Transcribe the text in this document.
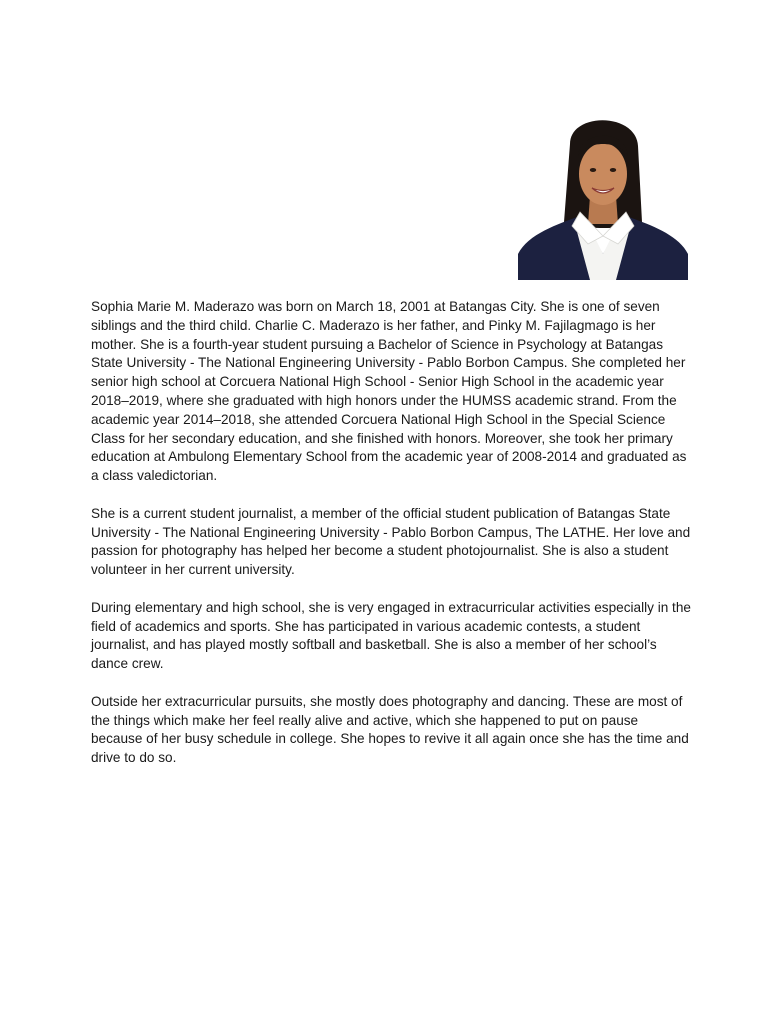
Sophia Marie M. Maderazo was born on March 18, 2001 at Batangas City. She is one of seven siblings and the third child. Charlie C. Maderazo is her father, and Pinky M. Fajilagmago is her mother. She is a fourth-year student pursuing a Bachelor of Science in Psychology at Batangas State University - The National Engineering University - Pablo Borbon Campus. She completed her senior high school at Corcuera National High School - Senior High School in the academic year 2018–2019, where she graduated with high honors under the HUMSS academic strand. From the academic year 2014–2018, she attended Corcuera National High School in the Special Science Class for her secondary education, and she finished with honors. Moreover, she took her primary education at Ambulong Elementary School from the academic year of 2008-2014 and graduated as a class valedictorian.

She is a current student journalist, a member of the official student publication of Batangas State University - The National Engineering University - Pablo Borbon Campus, The LATHE. Her love and passion for photography has helped her become a student photojournalist. She is also a student volunteer in her current university.

During elementary and high school, she is very engaged in extracurricular activities especially in the field of academics and sports. She has participated in various academic contests, a student journalist, and has played mostly softball and basketball. She is also a member of her school’s dance crew.

Outside her extracurricular pursuits, she mostly does photography and dancing. These are most of the things which make her feel really alive and active, which she happened to put on pause because of her busy schedule in college. She hopes to revive it all again once she has the time and drive to do so.
